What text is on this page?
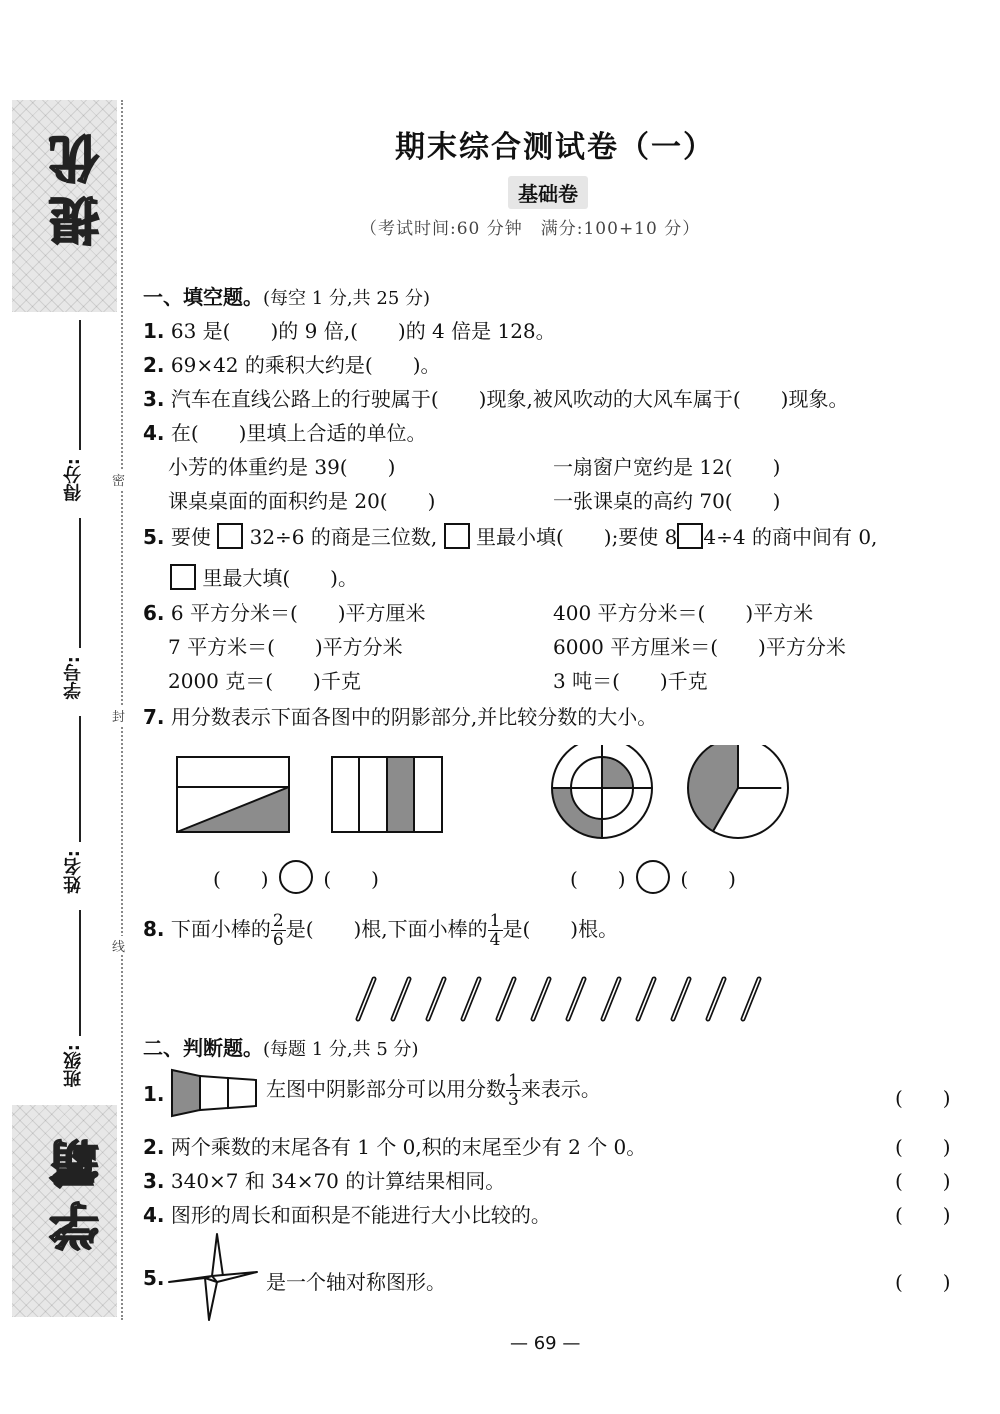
提优
学霸
得分:
学号:
姓名:
班级:
密
封
线
期末综合测试卷（一）
基础卷
（考试时间:60 分钟　满分:100+10 分）
一、填空题。(每空 1 分,共 25 分)
1. 63 是(　　)的 9 倍,(　　)的 4 倍是 128。
2. 69×42 的乘积大约是(　　)。
3. 汽车在直线公路上的行驶属于(　　)现象,被风吹动的大风车属于(　　)现象。
4. 在(　　)里填上合适的单位。
小芳的体重约是 39(　　)	一扇窗户宽约是 12(　　)
课桌桌面的面积约是 20(　　)	一张课桌的高约 70(　　)
5. 要使 32÷6 的商是三位数, 里最小填(　　);要使 8 4÷4 的商中间有 0,
里最大填(　　)。
6. 6 平方分米＝(　　)平方厘米	400 平方分米＝(　　)平方米
7 平方米＝(　　)平方分米	6000 平方厘米＝(　　)平方分米
2000 克＝(　　)千克	3 吨＝(　　)千克
7. 用分数表示下面各图中的阴影部分,并比较分数的大小。
(　　)	(　　)	(　　)	(　　)
8. 下面小棒的 $\frac{2}{6}$ 是(　　)根,下面小棒的 $\frac{1}{4}$ 是(　　)根。
二、判断题。(每题 1 分,共 5 分)
1.	左图中阴影部分可以用分数 $\frac{1}{3}$ 来表示。	(　　)
2. 两个乘数的末尾各有 1 个 0,积的末尾至少有 2 个 0。	(　　)
3. 340×7 和 34×70 的计算结果相同。	(　　)
4. 图形的周长和面积是不能进行大小比较的。	(　　)
5.	是一个轴对称图形。	(　　)
— 69 —
